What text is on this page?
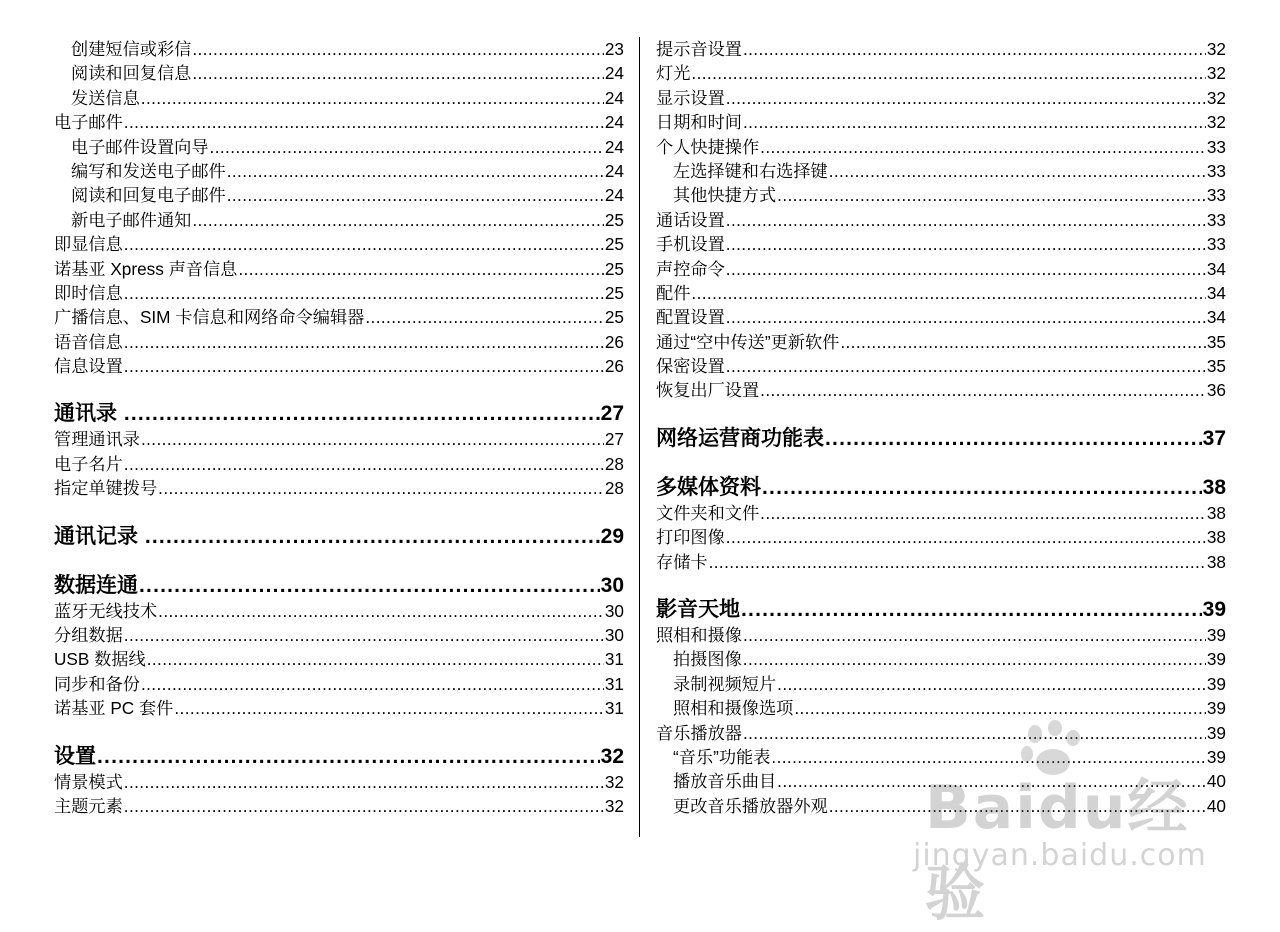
创建短信或彩信 .....	23
阅读和回复信息 .....	24
发送信息 .....	24
电子邮件 .....	24
电子邮件设置向导 .....	24
编写和发送电子邮件 .....	24
阅读和回复电子邮件 .....	24
新电子邮件通知 .....	25
即显信息 .....	25
诺基亚 Xpress 声音信息 .....	25
即时信息 .....	25
广播信息、SIM 卡信息和网络命令编辑器 .....	25
语音信息 .....	26
信息设置 .....	26
通讯录 .....	27
管理通讯录 .....	27
电子名片 .....	28
指定单键拨号 .....	28
通讯记录 .....	29
数据连通 .....	30
蓝牙无线技术 .....	30
分组数据 .....	30
USB 数据线 .....	31
同步和备份 .....	31
诺基亚 PC 套件 .....	31
设置 .....	32
情景模式 .....	32
主题元素 .....	32
提示音设置 .....	32
灯光 .....	32
显示设置 .....	32
日期和时间 .....	32
个人快捷操作 .....	33
左选择键和右选择键 .....	33
其他快捷方式 .....	33
通话设置 .....	33
手机设置 .....	33
声控命令 .....	34
配件 .....	34
配置设置 .....	34
通过“空中传送”更新软件 .....	35
保密设置 .....	35
恢复出厂设置 .....	36
网络运营商功能表 .....	37
多媒体资料 .....	38
文件夹和文件 .....	38
打印图像 .....	38
存储卡 .....	38
影音天地 .....	39
照相和摄像 .....	39
拍摄图像 .....	39
录制视频短片 .....	39
照相和摄像选项 .....	39
音乐播放器 .....	39
“音乐”功能表 .....	39
播放音乐曲目 .....	40
更改音乐播放器外观 .....	40
Baidu经验
jingyan.baidu.com
